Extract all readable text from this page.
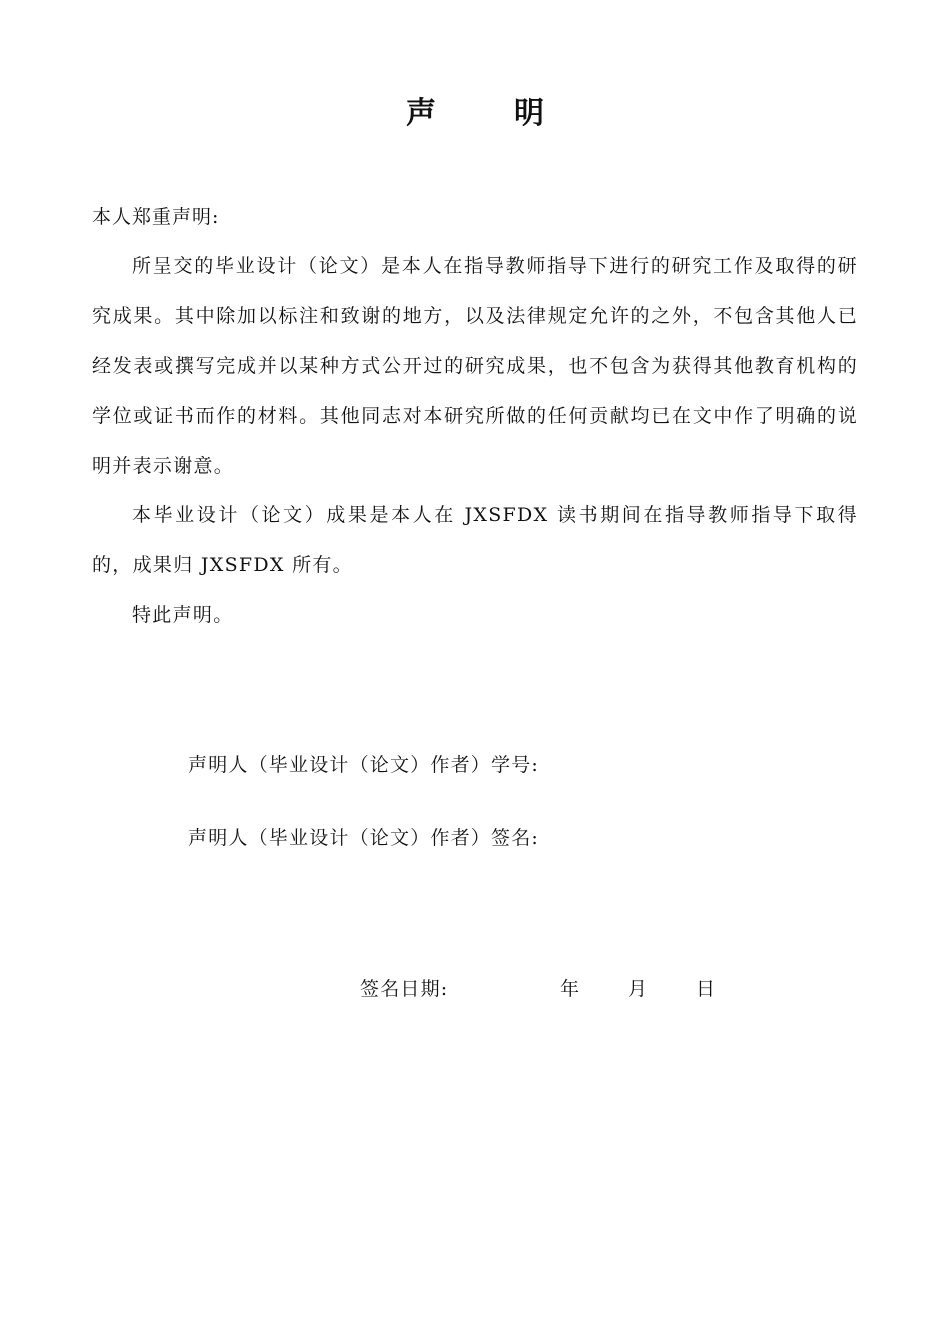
声	明
本人郑重声明:

所呈交的毕业设计（论文）是本人在指导教师指导下进行的研究工作及取得的研究成果。其中除加以标注和致谢的地方，以及法律规定允许的之外，不包含其他人已经发表或撰写完成并以某种方式公开过的研究成果，也不包含为获得其他教育机构的学位或证书而作的材料。其他同志对本研究所做的任何贡献均已在文中作了明确的说明并表示谢意。

本毕业设计（论文）成果是本人在 JXSFDX 读书期间在指导教师指导下取得的，成果归 JXSFDX 所有。

特此声明。

声明人（毕业设计（论文）作者）学号:
声明人（毕业设计（论文）作者）签名:
签名日期:	年	月	日
